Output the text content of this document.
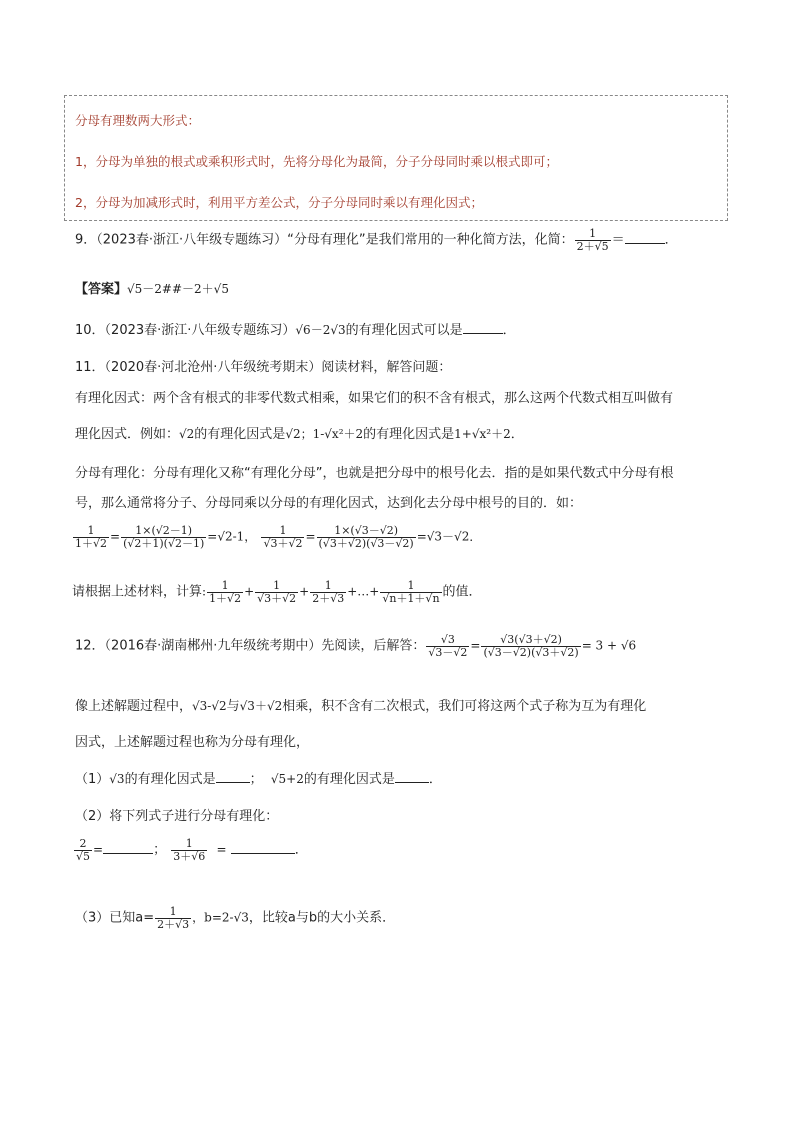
分母有理数两大形式：
1，分母为单独的根式或乘积形式时，先将分母化为最简，分子分母同时乘以根式即可；
2，分母为加减形式时，利用平方差公式，分子分母同时乘以有理化因式；
9．（2023春·浙江·八年级专题练习）“分母有理化”是我们常用的一种化简方法，化简： $\frac{1}{2+√5}$ ＝	．
【答案】√5－2##－2＋√5
10．（2023春·浙江·八年级专题练习）√6－2√3的有理化因式可以是	．
11．（2020春·河北沧州·八年级统考期末）阅读材料，解答问题：
有理化因式：两个含有根式的非零代数式相乘，如果它们的积不含有根式，那么这两个代数式相互叫做有
理化因式．例如：√2的有理化因式是√2；1-√x²＋2的有理化因式是1+√x²＋2．
分母有理化：分母有理化又称“有理化分母”，也就是把分母中的根号化去．指的是如果代数式中分母有根
号，那么通常将分子、分母同乘以分母的有理化因式，达到化去分母中根号的目的．如：
$\frac{1}{1+√2} = \frac{1\times(√2-1)}{(√2+1)(√2-1)} =√2-1$， $\frac{1}{√3+√2} = \frac{1\times(√3-√2)}{(√3+√2)(√3-√2)} =√3-√2$．
请根据上述材料，计算: $\frac{1}{1+√2} + \frac{1}{√3+√2} + \frac{1}{2+√3}$ +…+ $\frac{1}{√n+1+√n}$ 的值．
12．（2016春·湖南郴州·九年级统考期中）先阅读，后解答： $\frac{√3}{√3-√2} = \frac{√3(√3+√2)}{(√3-√2)(√3+√2)} = 3 + √6$
像上述解题过程中，√3-√2与√3＋√2相乘，积不含有二次根式，我们可将这两个式子称为互为有理化
因式，上述解题过程也称为分母有理化，
（1）√3的有理化因式是	； √5+2的有理化因式是	．
（2）将下列式子进行分母有理化：
$\frac{2}{√5}$ =	； $\frac{1}{3+√6}$ =	．
（3）已知$a= \frac{1}{2+√3}$ ，b=2-√3，比较a与b的大小关系．
